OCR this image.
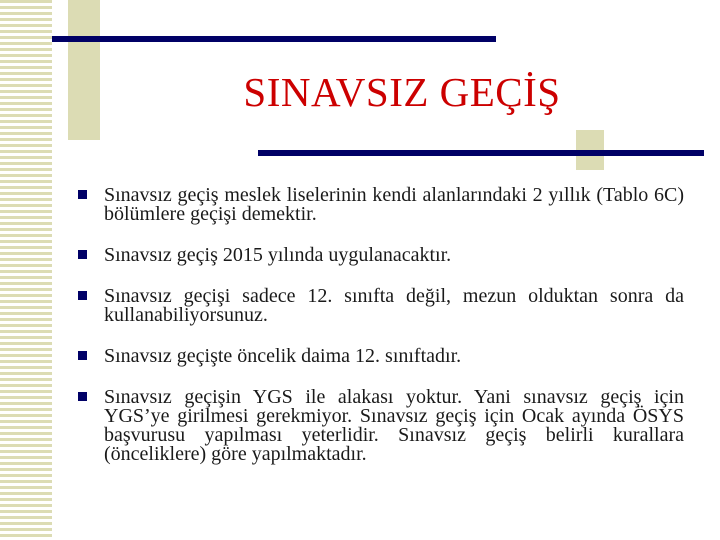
SINAVSIZ GEÇİŞ
Sınavsız geçiş meslek liselerinin kendi alanlarındaki 2 yıllık (Tablo 6C) bölümlere geçişi demektir.
Sınavsız geçiş 2015 yılında uygulanacaktır.
Sınavsız geçişi sadece 12. sınıfta değil, mezun olduktan sonra da kullanabiliyorsunuz.
Sınavsız geçişte öncelik daima 12. sınıftadır.
Sınavsız geçişin YGS ile alakası yoktur. Yani sınavsız geçiş için YGS’ye girilmesi gerekmiyor. Sınavsız geçiş için Ocak ayında ÖSYS başvurusu yapılması yeterlidir. Sınavsız geçiş belirli kurallara (önceliklere) göre yapılmaktadır.
